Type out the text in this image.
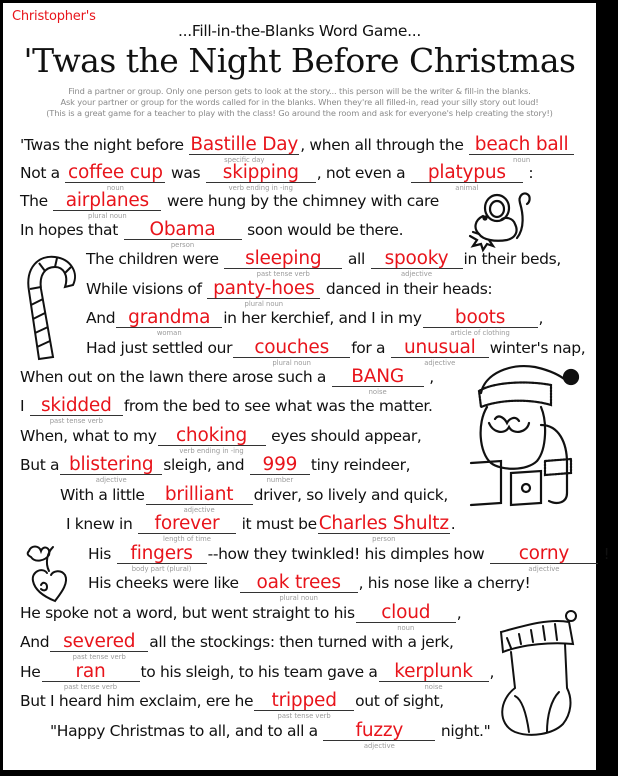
Christopher's
...Fill-in-the-Blanks Word Game...
'Twas the Night Before Christmas
Find a partner or group. Only one person gets to look at the story... this person will be the writer & fill-in the blanks.
Ask your partner or group for the words called for in the blanks. When they're all filled-in, read your silly story out loud!
(This is a great game for a teacher to play with the class! Go around the room and ask for everyone's help creating the story!)
'Twas the night before Bastille Day
specific day
, when all through the beach ball
noun
Not a coffee cup
noun
was	skipping
verb ending in -ing
, not even a	platypus
animal
:
The airplanes
plural noun
were hung by the chimney with care
In hopes that	Obama
person
soon would be there.
The children were	sleeping
past tense verb
all	spooky
adjective
in their beds,
While visions of panty-hoes
plural noun
danced in their heads:
And grandma
woman
in her kerchief, and I in my	boots
article of clothing
,
Had just settled our	couches
plural noun
for a	unusual
adjective
winter's nap,
When out on the lawn there arose such a	BANG
noise
,
I skidded
past tense verb
from the bed to see what was the matter.
When, what to my	choking
verb ending in -ing
eyes should appear,
But a blistering
adjective
sleigh, and 999
number
tiny reindeer,
With a little	brilliant
adjective
driver, so lively and quick,
I knew in	forever
length of time
it must be Charles Shultz
person
.
His	fingers
body part (plural)
--how they twinkled! his dimples how	corny
adjective
!
His cheeks were like oak trees
plural noun
, his nose like a cherry!
He spoke not a word, but went straight to his	cloud
noun
,
And severed
past tense verb
all the stockings: then turned with a jerk,
He	ran
past tense verb
to his sleigh, to his team gave a kerplunk
noise
,
But I heard him exclaim, ere he tripped
past tense verb
out of sight,
"Happy Christmas to all, and to all a	fuzzy
adjective
night."
